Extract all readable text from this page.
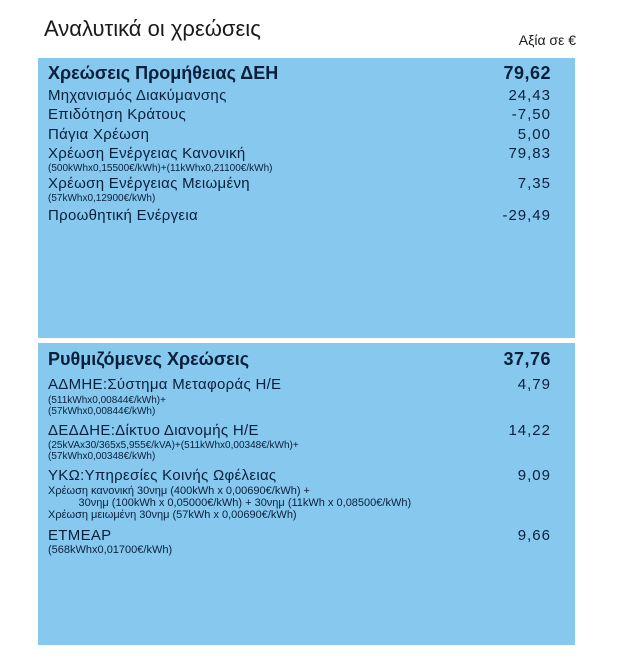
Αναλυτικά οι χρεώσεις	Αξία σε €
Χρεώσεις Προμήθειας ΔΕΗ	79,62
Μηχανισμός Διακύμανσης	24,43
Επιδότηση Κράτους	-7,50
Πάγια Χρέωση	5,00
Χρέωση Ενέργειας Κανονική	79,83
(500kWhx0,15500€/kWh)+(11kWhx0,21100€/kWh)
Χρέωση Ενέργειας Μειωμένη	7,35
(57kWhx0,12900€/kWh)
Προωθητική Ενέργεια	-29,49
Ρυθμιζόμενες Χρεώσεις	37,76
ΑΔΜΗΕ:Σύστημα Μεταφοράς Η/Ε	4,79
(511kWhx0,00844€/kWh)+
(57kWhx0,00844€/kWh)
ΔΕΔΔΗΕ:Δίκτυο Διανομής Η/Ε	14,22
(25kVAx30/365x5,955€/kVA)+(511kWhx0,00348€/kWh)+
(57kWhx0,00348€/kWh)
ΥΚΩ:Υπηρεσίες Κοινής Ωφέλειας	9,09
Χρέωση κανονική 30νημ (400kWh x 0,00690€/kWh) +
30νημ (100kWh x 0,05000€/kWh) + 30νημ (11kWh x 0,08500€/kWh)
Χρέωση μειωμένη 30νημ (57kWh x 0,00690€/kWh)
ΕΤΜΕΑΡ	9,66
(568kWhx0,01700€/kWh)
